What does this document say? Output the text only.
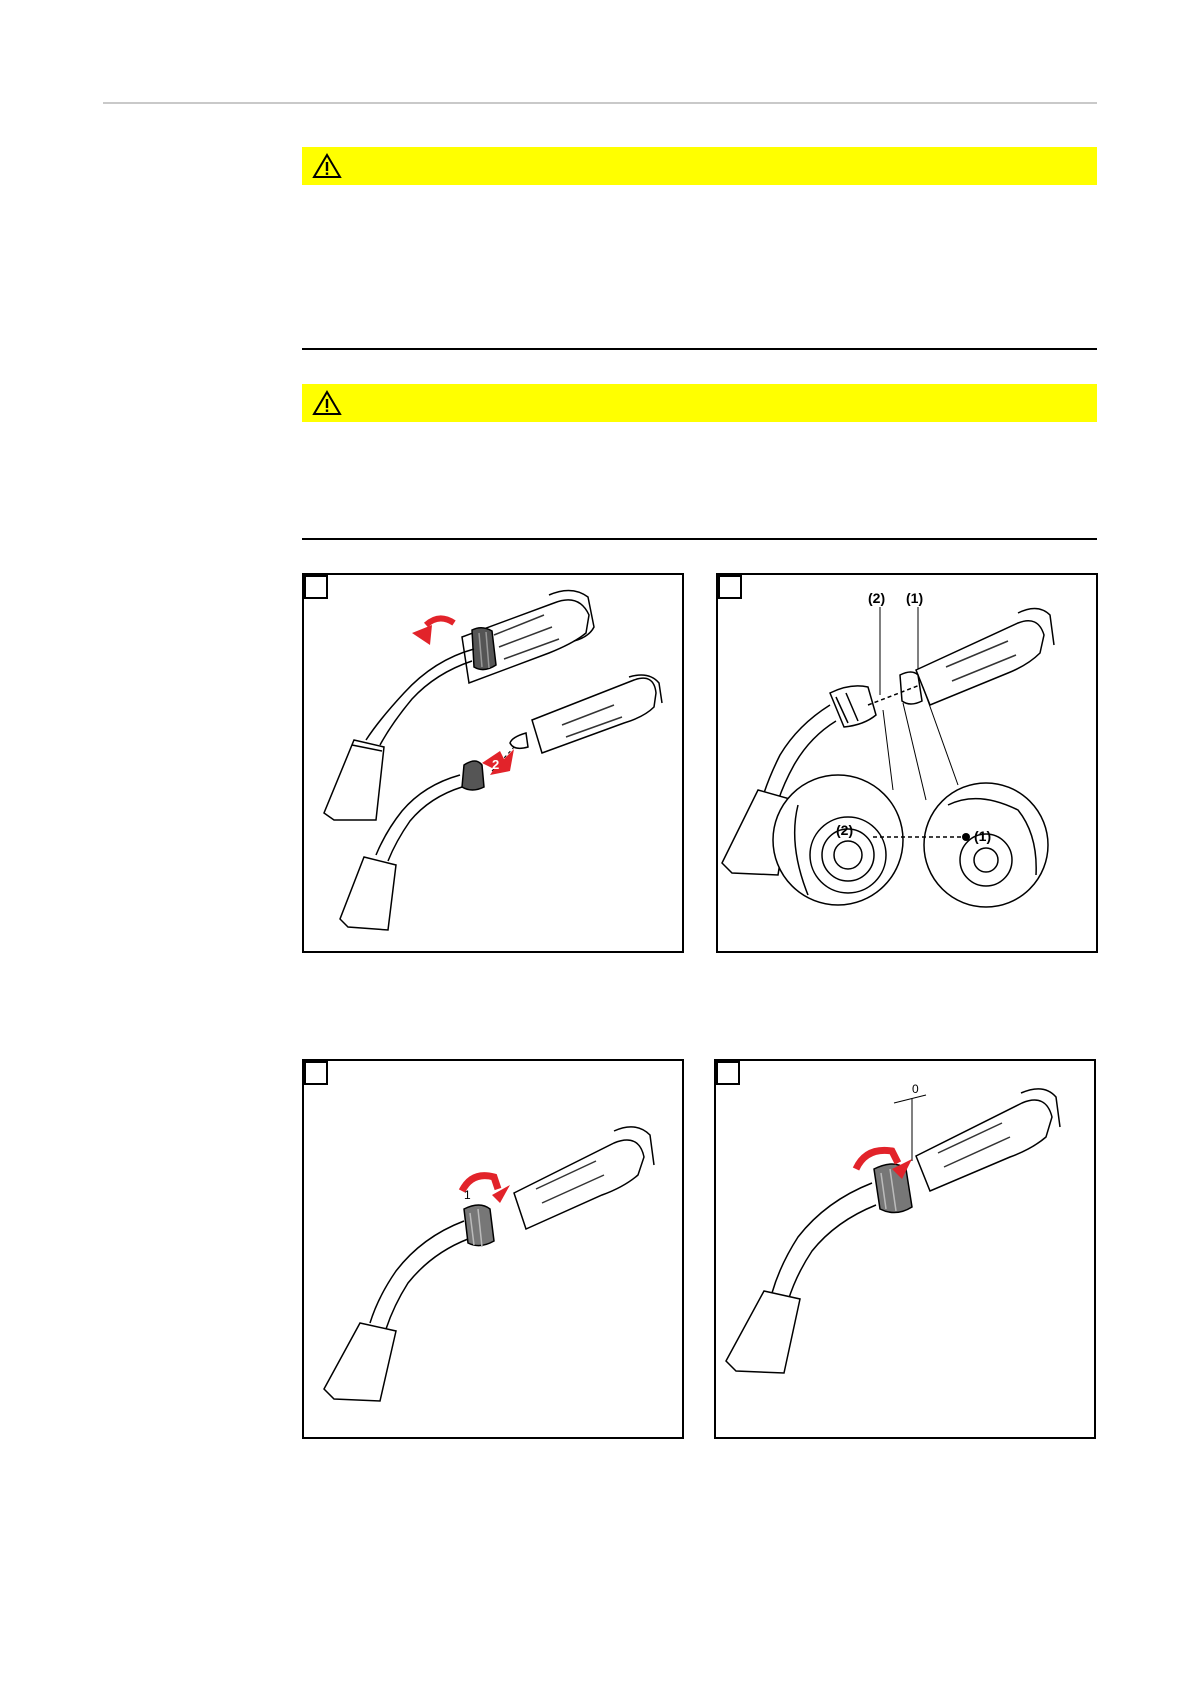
2
(2) (1)
(2)	(1)
1
0
